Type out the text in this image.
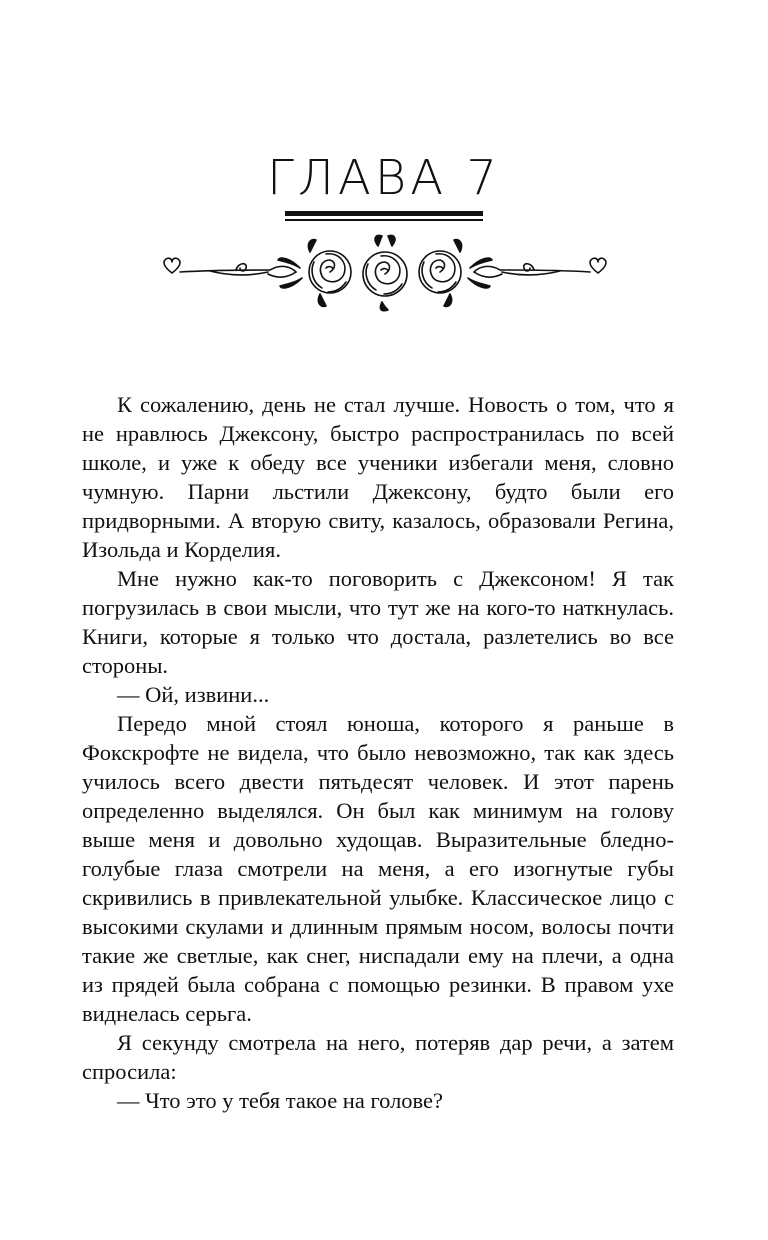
ГЛАВА 7

К сожалению, день не стал лучше. Новость о том, что я не нравлюсь Джексону, быстро распространилась по всей школе, и уже к обеду все ученики избегали меня, словно чумную. Парни льстили Джексону, будто были его придворными. А вторую свиту, казалось, образовали Регина, Изольда и Корделия.

Мне нужно как-то поговорить с Джексоном! Я так погрузилась в свои мысли, что тут же на кого-то наткнулась. Книги, которые я только что достала, разлетелись во все стороны.

— Ой, извини...

Передо мной стоял юноша, которого я раньше в Фокскрофте не видела, что было невозможно, так как здесь училось всего двести пятьдесят человек. И этот парень определенно выделялся. Он был как минимум на голову выше меня и довольно худощав. Выразительные бледно-голубые глаза смотрели на меня, а его изогнутые губы скривились в привлекательной улыбке. Классическое лицо с высокими скулами и длинным прямым носом, волосы почти такие же светлые, как снег, ниспадали ему на плечи, а одна из прядей была собрана с помощью резинки. В правом ухе виднелась серьга.

Я секунду смотрела на него, потеряв дар речи, а затем спросила:

— Что это у тебя такое на голове?
